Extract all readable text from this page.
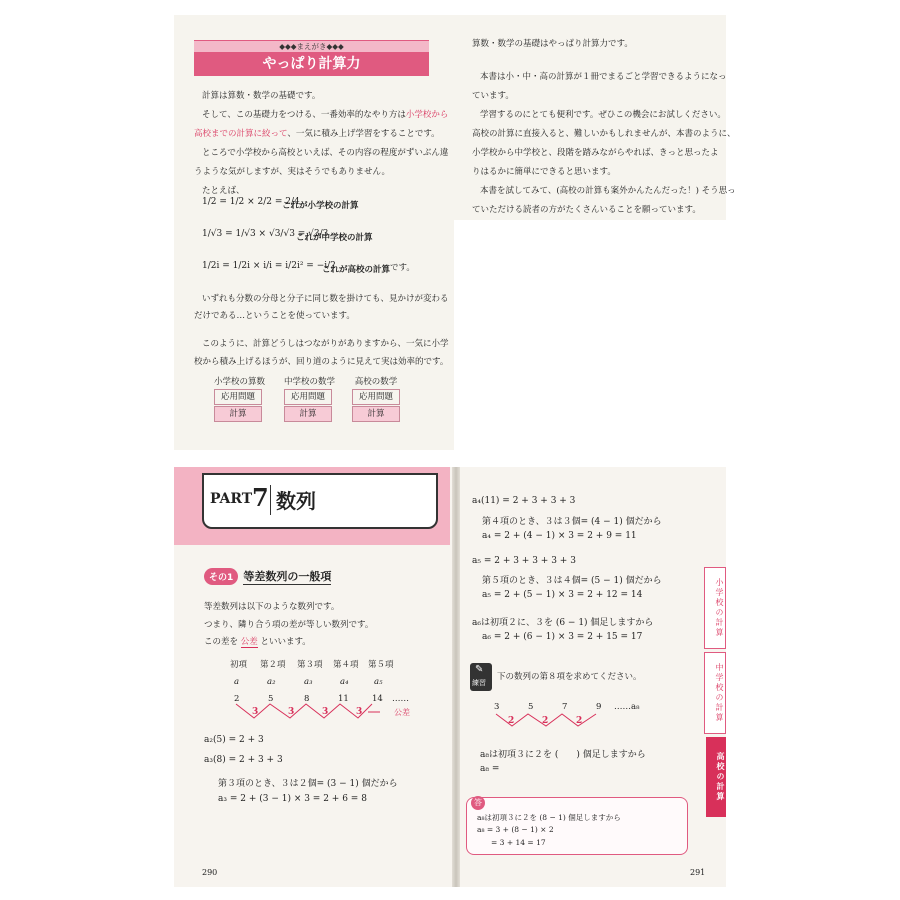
◆◆◆まえがき◆◆◆
やっぱり計算力
計算は算数・数学の基礎です。
そして、この基礎力をつける、一番効率的なやり方は小学校から
高校までの計算に絞って、一気に積み上げ学習をすることです。
ところで小学校から高校といえば、その内容の程度がずいぶん違
うような気がしますが、実はそうでもありません。
たとえば、
1/2 = 1/2 × 2/2 = 2/4
これが小学校の計算
1/√3 = 1/√3 × √3/√3 = √3/3
これが中学校の計算
1/2i = 1/2i × i/i = i/2i² = −i/2
これが高校の計算 です。
いずれも分数の分母と分子に同じ数を掛けても、見かけが変わる
だけである…ということを使っています。
このように、計算どうしはつながりがありますから、一気に小学
校から積み上げるほうが、回り道のように見えて実は効率的です。
小学校の算数
応用問題
計算
中学校の数学
応用問題
計算
高校の数学
応用問題
計算
算数・数学の基礎はやっぱり計算力です。
本書は小・中・高の計算が１冊でまるごと学習できるようになっ
ています。
学習するのにとても便利です。ぜひこの機会にお試しください。
高校の計算に直接入ると、難しいかもしれませんが、本書のように、
小学校から中学校と、段階を踏みながらやれば、きっと思ったよ
りはるかに簡単にできると思います。
本書を試してみて、(高校の計算も案外かんたんだった！) そう思っ
ていただける読者の方がたくさんいることを願っています。
PART 7 数列
その1 等差数列の一般項
等差数列は以下のような数列です。
つまり、隣り合う項の差が等しい数列です。
この差を 公差 といいます。
初項 第２項 第３項 第４項 第５項
a	a₂	a₃	a₄	a₅
2	5	8	11	14 ……
3	3	3	3	公差
a₂(5) = 2 + 3
a₃(8) = 2 + 3 + 3
第３項のとき、３は２個= (3 − 1) 個だから
a₃ = 2 + (3 − 1) × 3 = 2 + 6 = 8
290
a₄(11) = 2 + 3 + 3 + 3
第４項のとき、３は３個= (4 − 1) 個だから
a₄ = 2 + (4 − 1) × 3 = 2 + 9 = 11
a₅ = 2 + 3 + 3 + 3 + 3
第５項のとき、３は４個= (5 − 1) 個だから
a₅ = 2 + (5 − 1) × 3 = 2 + 12 = 14
a₆は初項２に、３を (6 − 1) 個足しますから
a₆ = 2 + (6 − 1) × 3 = 2 + 15 = 17
✎
練習
下の数列の第８項を求めてください。
3	5	7	9 ……a₈
2	2	2
a₈は初項３に２を (　　) 個足しますから
a₈ =
答
a₈は初項３に２を (8 − 1) 個足しますから
a₈ = 3 + (8 − 1) × 2
= 3 + 14 = 17
小学校の計算
中学校の計算
高校の計算
291
